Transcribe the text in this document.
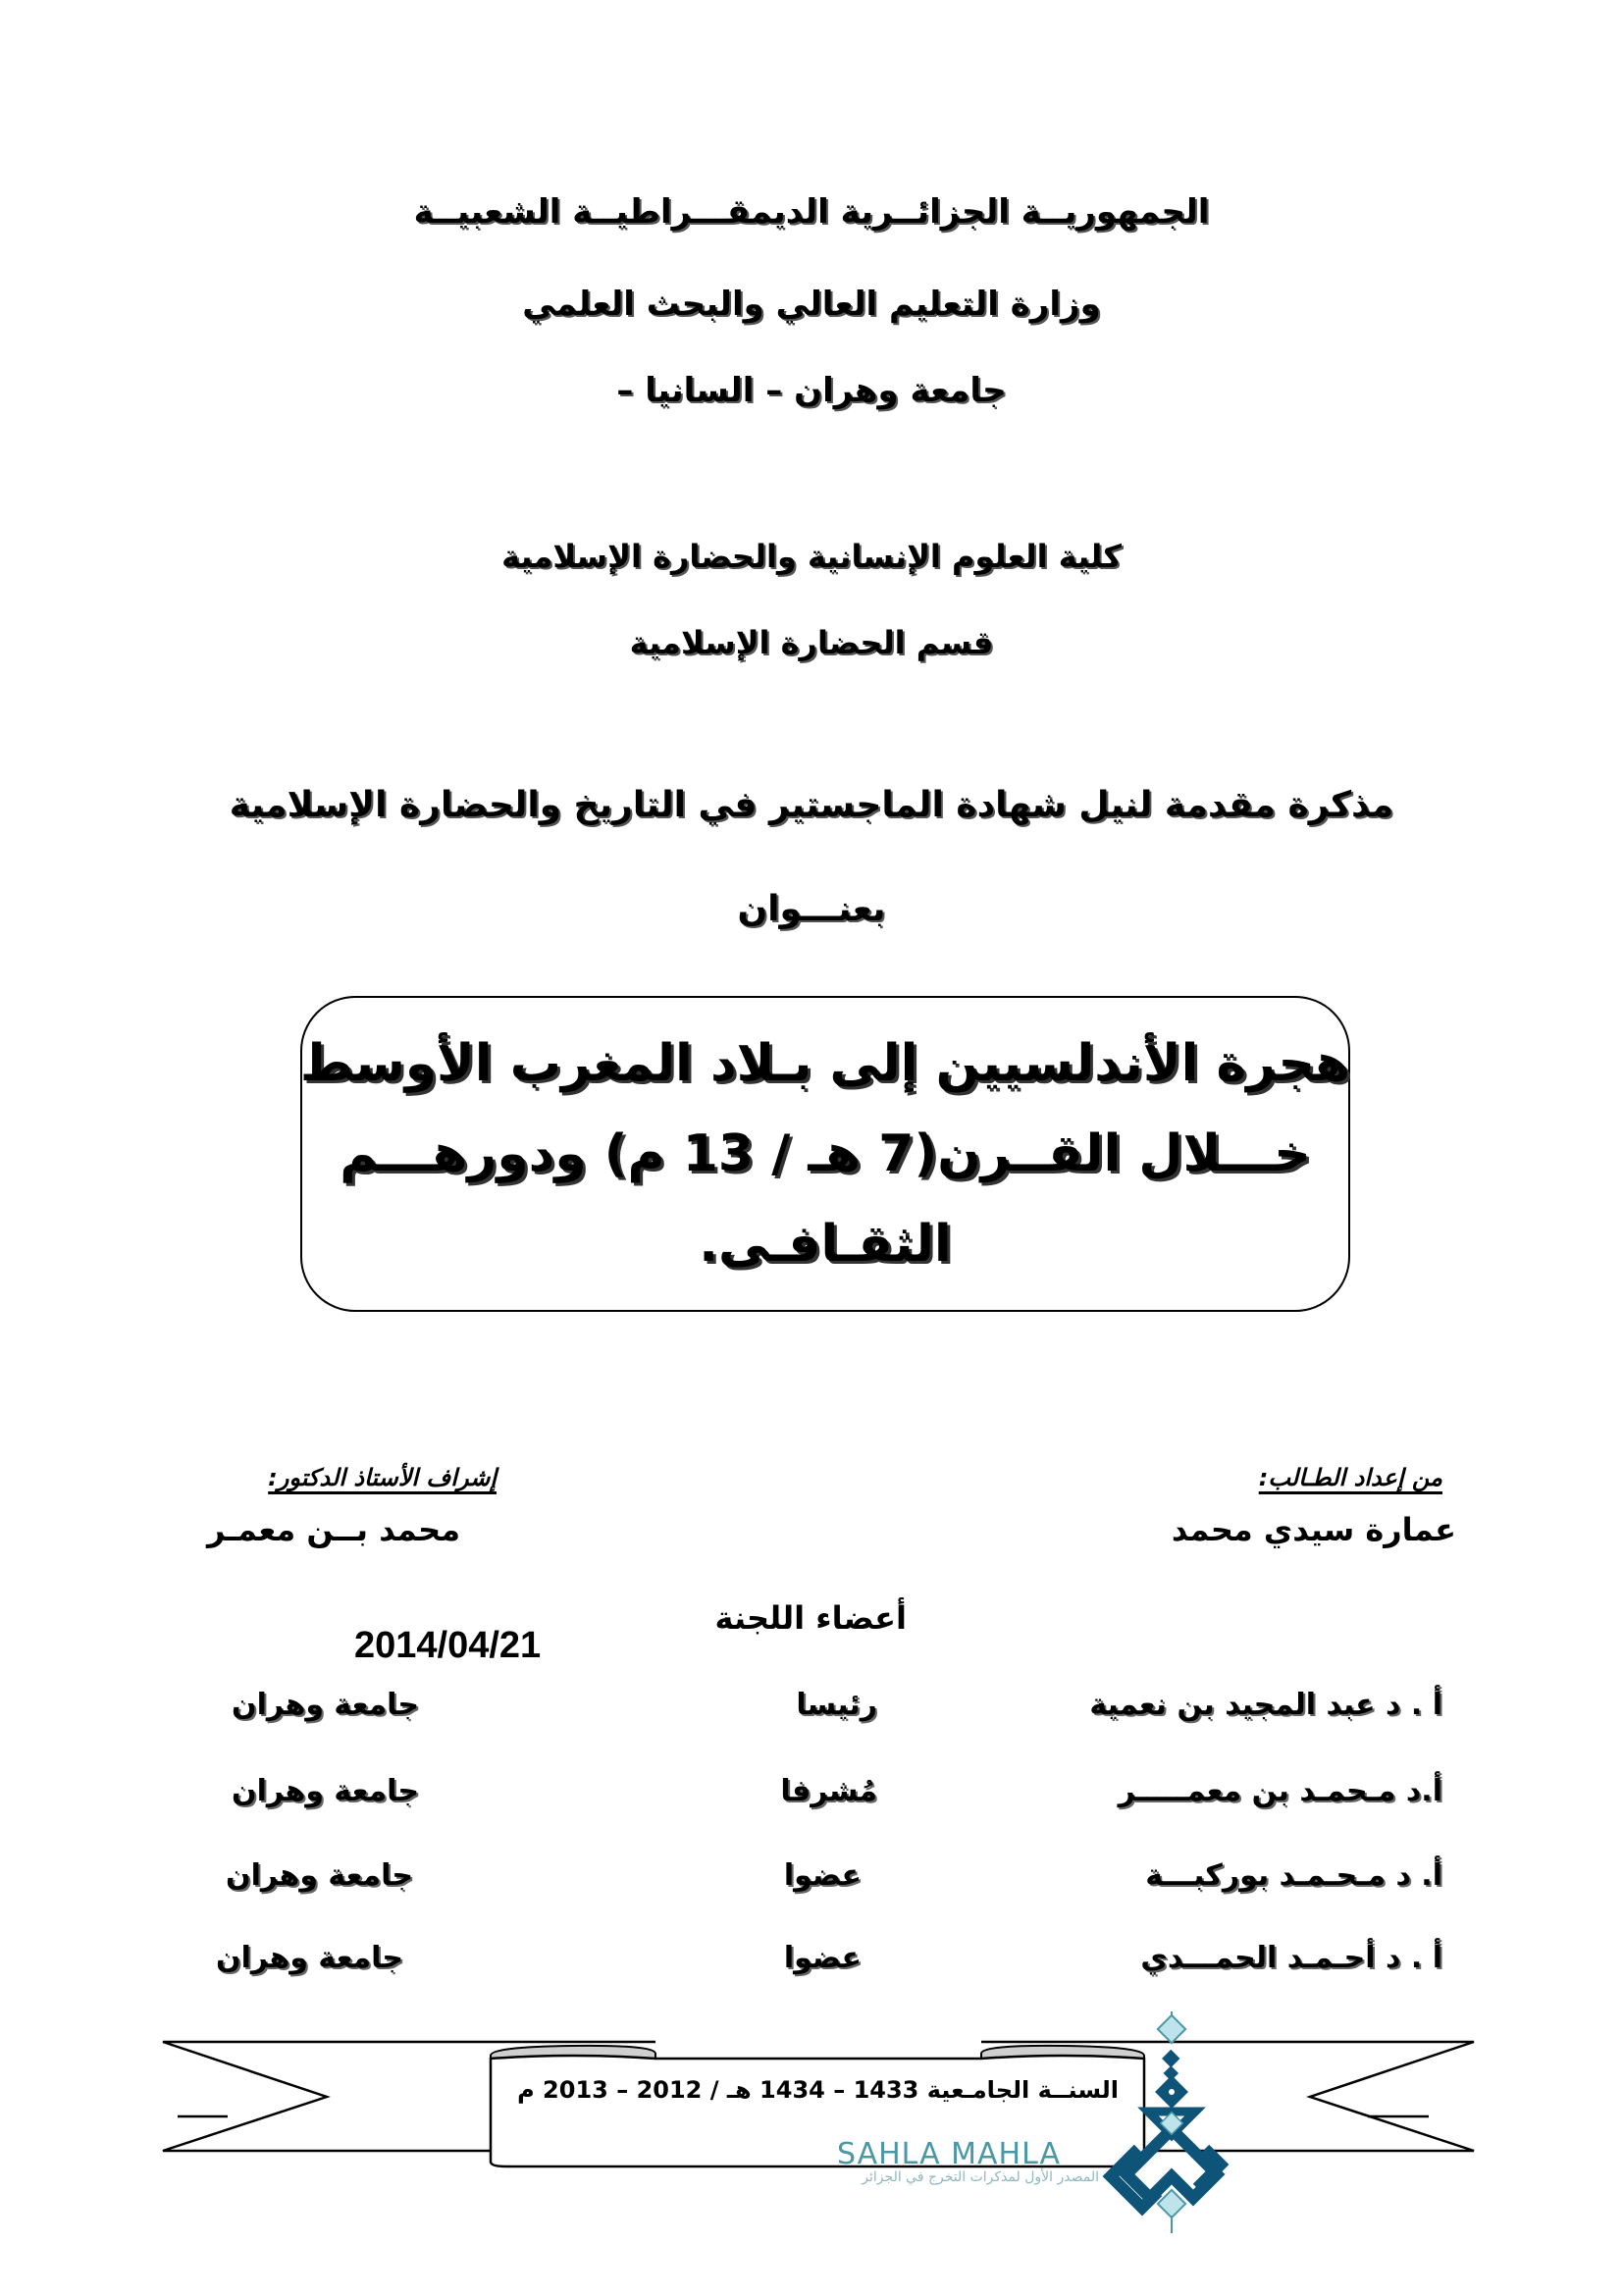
الجمهوريــة الجزائــرية الديمقـــراطيــة الشعبيــة
وزارة التعليم العالي والبحث العلمي
جامعة وهران – السانيا –
كلية العلوم الإنسانية والحضارة الإسلامية
قسم الحضارة الإسلامية
مذكرة مقدمة لنيل شهادة الماجستير في التاريخ والحضارة الإسلامية
بعنـــوان
هجرة الأندلسيين إلى بـلاد المغرب الأوسط
خـــلال القــرن(7 هـ / 13 م) ودورهـــم
الثقـافـى.
من إعداد الطـالب:
عمارة سيدي محمد
إشراف الأستاذ الدكتور:
محمد بــن معمـر
أعضاء اللجنة
2014/04/21
أ . د عبد المجيد بن نعمية
رئيسا
جامعة وهران
أ.د مـحمـد بن معمـــــر
مُشرفا
جامعة وهران
أ. د مـحـمـد بوركبـــة
عضوا
جامعة وهران
أ . د أحـمـد الحمـــدي
عضوا
جامعة وهران
السنــة الجامـعية 1433 – 1434 هـ / 2012 – 2013 م
SAHLA MAHLA
المصدر الأول لمذكرات التخرج في الجزائر
